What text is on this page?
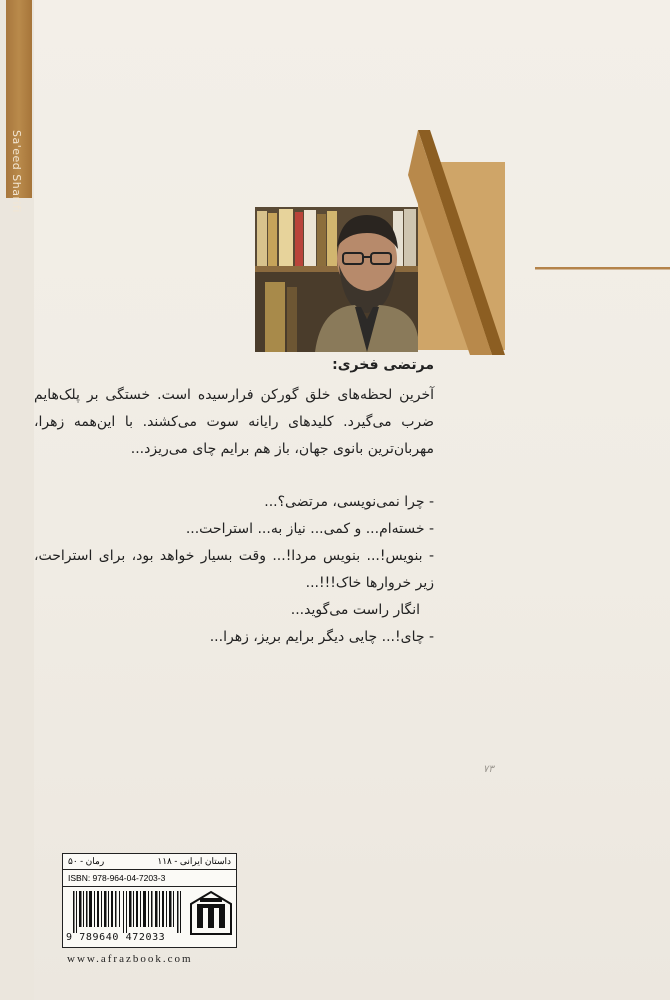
Sa'eed Sharifi
مرتضی فخری:
آخرین لحظه‌های خلق گورکن فرارسیده است. خستگی بر پلک‌هایم ضرب می‌گیرد. کلیدهای رایانه سوت می‌کشند. با این‌همه زهرا، مهربان‌ترین بانوی جهان، باز هم برایم چای می‌ریزد...
- چرا نمی‌نویسی، مرتضی؟...
- خسته‌ام... و کمی... نیاز به... استراحت...
- بنویس!... بنویس مردا!... وقت بسیار خواهد بود، برای استراحت، زیر خروارها خاک!!!...
انگار راست می‌گوید...
- چای!... چایی دیگر برایم بریز، زهرا...
۷۳
داستان ایرانی - ۱۱۸
رمان - ۵۰
ISBN: 978-964-04-7203-3
9 789640 472033
www.afrazbook.com
